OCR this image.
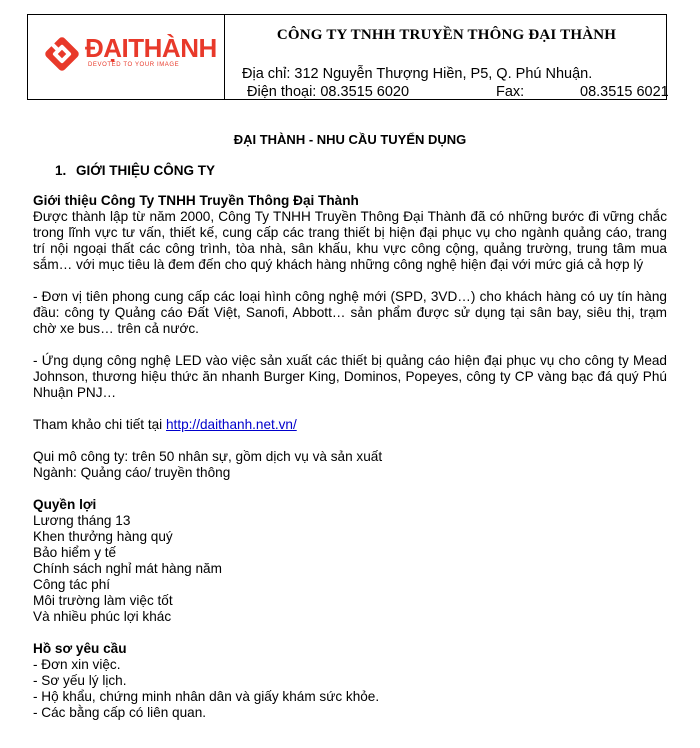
ĐẠITHÀNH
DEVOTED TO YOUR IMAGE
CÔNG TY TNHH TRUYỀN THÔNG ĐẠI THÀNH
Địa chỉ: 312 Nguyễn Thượng Hiền, P5, Q. Phú Nhuận.
Điện thoại: 08.3515 6020	Fax:	08.3515 6021
ĐẠI THÀNH - NHU CẦU TUYỂN DỤNG
1. GIỚI THIỆU CÔNG TY
Giới thiệu Công Ty TNHH Truyền Thông Đại Thành
Được thành lập từ năm 2000, Công Ty TNHH Truyền Thông Đại Thành đã có những bước đi vững chắc trong lĩnh vực tư vấn, thiết kế, cung cấp các trang thiết bị hiện đại phục vụ cho ngành quảng cáo, trang trí nội ngoại thất các công trình, tòa nhà, sân khấu, khu vực công cộng, quảng trường, trung tâm mua sắm… với mục tiêu là đem đến cho quý khách hàng những công nghệ hiện đại với mức giá cả hợp lý
- Đơn vị tiên phong cung cấp các loại hình công nghệ mới (SPD, 3VD…) cho khách hàng có uy tín hàng đầu: công ty Quảng cáo Đất Việt, Sanofi, Abbott… sản phẩm được sử dụng tại sân bay, siêu thị, trạm chờ xe bus… trên cả nước.
- Ứng dụng công nghệ LED vào việc sản xuất các thiết bị quảng cáo hiện đại phục vụ cho công ty Mead Johnson, thương hiệu thức ăn nhanh Burger King, Dominos, Popeyes, công ty CP vàng bạc đá quý Phú Nhuận PNJ…
Tham khảo chi tiết tại http://daithanh.net.vn/
Qui mô công ty: trên 50 nhân sự, gồm dịch vụ và sản xuất
Ngành: Quảng cáo/ truyền thông
Quyền lợi
Lương tháng 13
Khen thưởng hàng quý
Bảo hiểm y tế
Chính sách nghỉ mát hàng năm
Công tác phí
Môi trường làm việc tốt
Và nhiều phúc lợi khác
Hồ sơ yêu cầu
- Đơn xin việc.
- Sơ yếu lý lịch.
- Hộ khẩu, chứng minh nhân dân và giấy khám sức khỏe.
- Các bằng cấp có liên quan.
